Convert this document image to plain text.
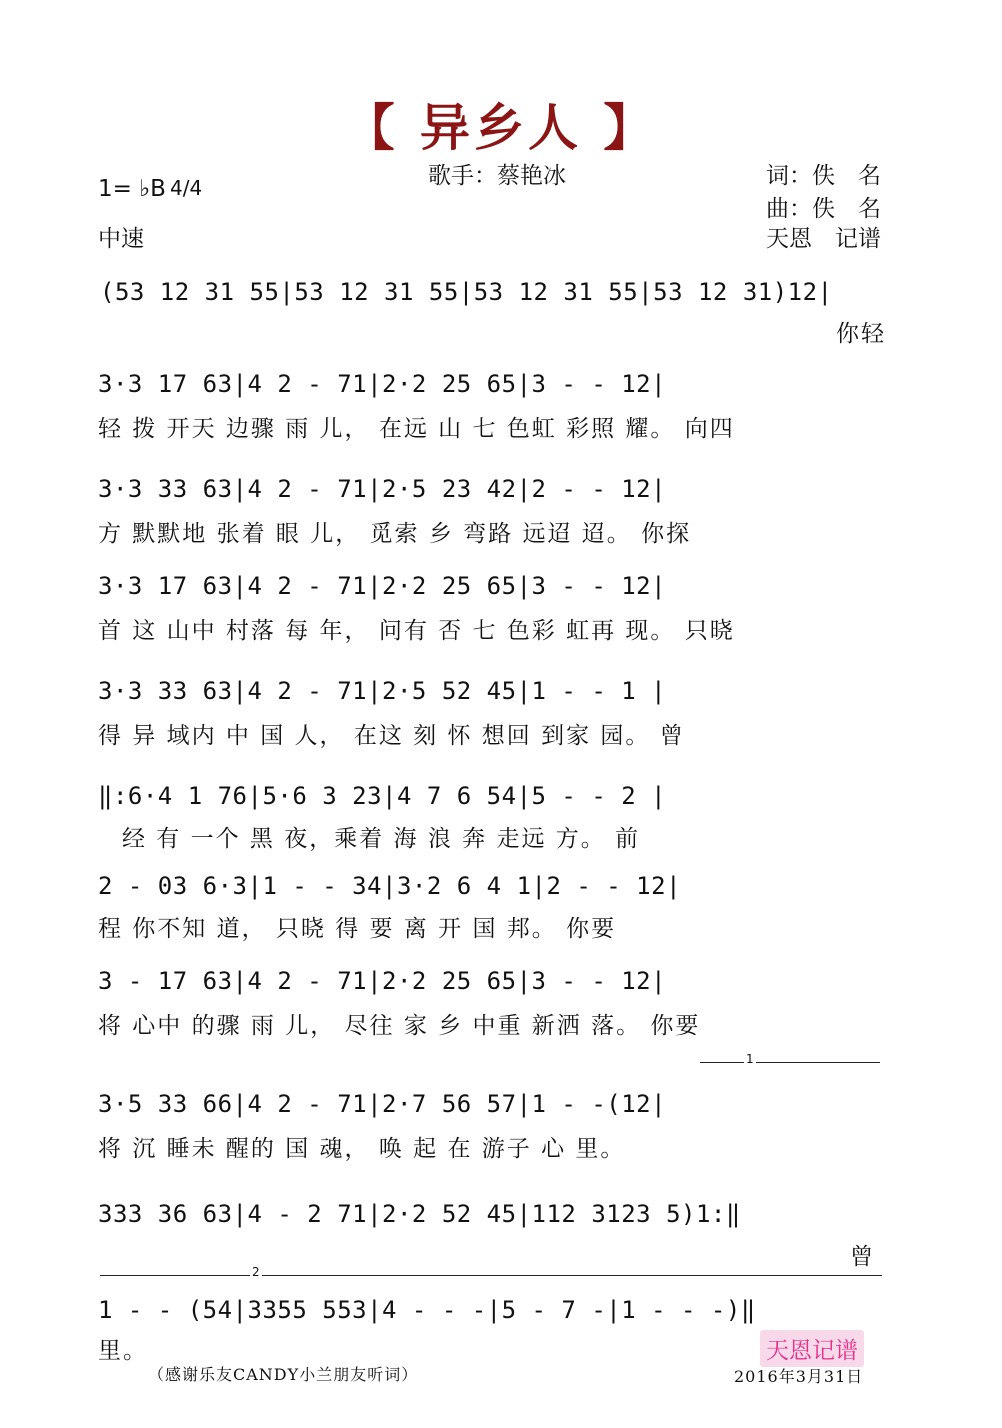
【 异乡人 】
歌手：蔡艳冰	词：佚　名
曲：佚　名
天恩　记谱
1= ♭B 4/4
中速
(53 12 31 55|53 12 31 55|53 12 31 55|53 12 31)12|
你轻
3·3 17 63|4 2 - 71|2·2 25 65|3 - - 12|
轻 拨 开天 边骤 雨 儿， 在远 山 七 色虹 彩照 耀。 向四
3·3 33 63|4 2 - 71|2·5 23 42|2 - - 12|
方 默默地 张着 眼 儿， 觅索 乡 弯路 远迢 迢。 你探
3·3 17 63|4 2 - 71|2·2 25 65|3 - - 12|
首 这 山中 村落 每 年， 问有 否 七 色彩 虹再 现。 只晓
3·3 33 63|4 2 - 71|2·5 52 45|1 - - 1 |
得 异 域内 中 国 人， 在这 刻 怀 想回 到家 园。 曾
‖:6·4 1 76|5·6 3 23|4 7 6 54|5 - - 2 |
经 有 一个 黑 夜，乘着 海 浪 奔 走远 方。 前
2 - 03 6·3|1 - - 34|3·2 6 4 1|2 - - 12|
程 你不知 道， 只晓 得 要 离 开 国 邦。 你要
3 - 17 63|4 2 - 71|2·2 25 65|3 - - 12|
将 心中 的骤 雨 儿， 尽往 家 乡 中重 新洒 落。 你要

1

3·5 33 66|4 2 - 71|2·7 56 57|1 - -(12|
将 沉 睡未 醒的 国 魂， 唤 起 在 游子 心 里。
333 36 63|4 - 2 71|2·2 52 45|112 3123 5)1:‖
曾

2

1 - - (54|3355 553|4 - - -|5 - 7 -|1 - - -)‖
里。	天恩记谱
（感谢乐友CANDY小兰朋友听词）	2016年3月31日
